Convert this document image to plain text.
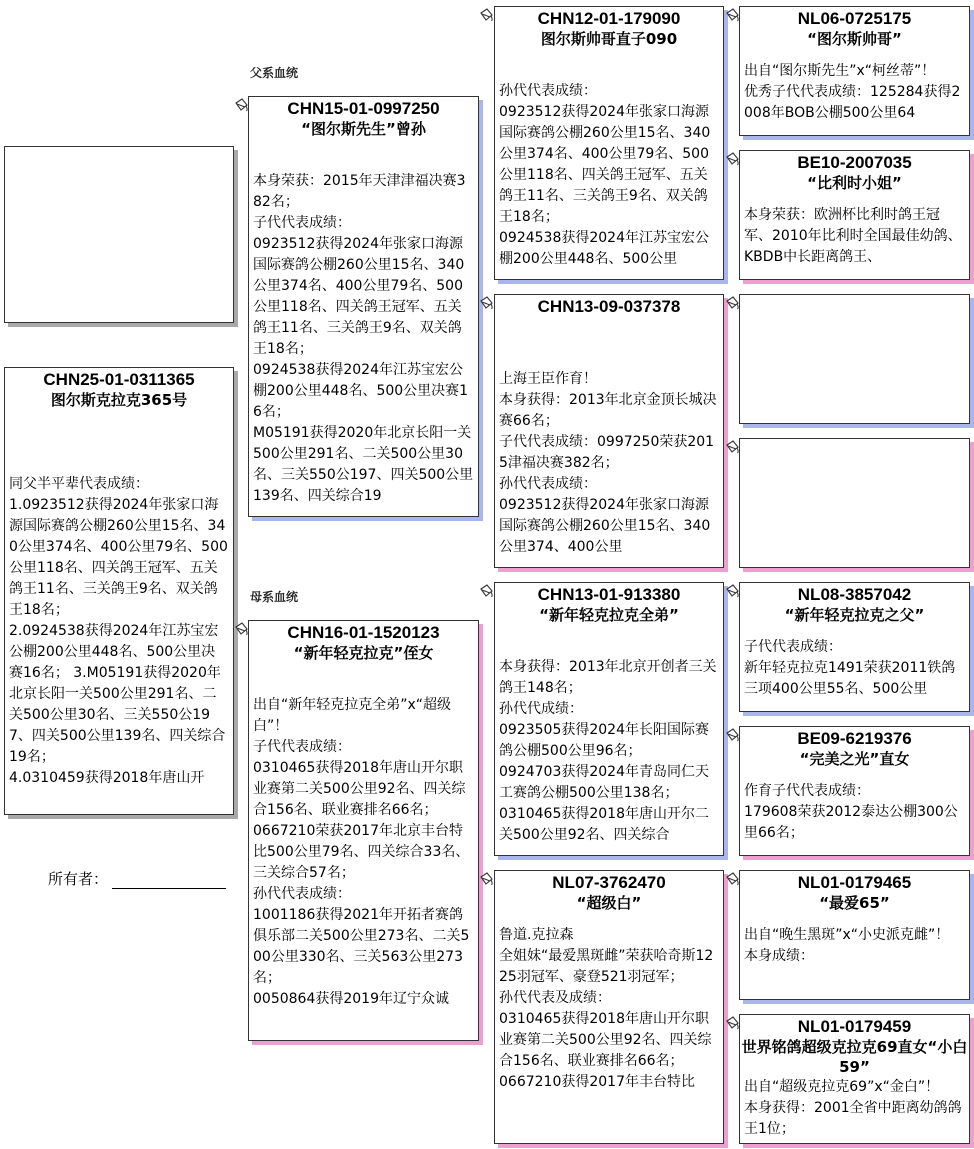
CHN25-01-0311365
图尔斯克拉克365号
同父半平辈代表成绩：
1.0923512获得2024年张家口海源国际赛鸽公棚260公里15名、340公里374名、400公里79名、500公里118名、四关鸽王冠军、五关鸽王11名、三关鸽王9名、双关鸽王18名；
2.0924538获得2024年江苏宝宏公棚200公里448名、500公里决赛16名； 3.M05191获得2020年北京长阳一关500公里291名、二关500公里30名、三关550公197、四关500公里139名、四关综合19名；
4.0310459获得2018年唐山开
所有者：
父系血统
母系血统
CHN15-01-0997250
“图尔斯先生”曾孙
本身荣获：2015年天津津福决赛382名；
子代代表成绩：
0923512获得2024年张家口海源国际赛鸽公棚260公里15名、340公里374名、400公里79名、500公里118名、四关鸽王冠军、五关鸽王11名、三关鸽王9名、双关鸽王18名；
0924538获得2024年江苏宝宏公棚200公里448名、500公里决赛16名；
M05191获得2020年北京长阳一关500公里291名、二关500公里30名、三关550公197、四关500公里139名、四关综合19
CHN16-01-1520123
“新年轻克拉克”侄女
出自“新年轻克拉克全弟”x“超级白”！
子代代表成绩：
0310465获得2018年唐山开尔职业赛第二关500公里92名、四关综合156名、联业赛排名66名；
0667210荣获2017年北京丰台特比500公里79名、四关综合33名、三关综合57名；
孙代代表成绩：
1001186获得2021年开拓者赛鸽俱乐部二关500公里273名、二关500公里330名、三关563公里273名；
0050864获得2019年辽宁众诚
CHN12-01-179090
图尔斯帅哥直子090
孙代代表成绩：
0923512获得2024年张家口海源国际赛鸽公棚260公里15名、340公里374名、400公里79名、500公里118名、四关鸽王冠军、五关鸽王11名、三关鸽王9名、双关鸽王18名；
0924538获得2024年江苏宝宏公棚200公里448名、500公里
CHN13-09-037378
上海王臣作育！
本身获得：2013年北京金顶长城决赛66名；
子代代表成绩：0997250荣获2015津福决赛382名；
孙代代表成绩：
0923512获得2024年张家口海源国际赛鸽公棚260公里15名、340公里374、400公里
CHN13-01-913380
“新年轻克拉克全弟”
本身获得：2013年北京开创者三关鸽王148名；
孙代代成绩：
0923505获得2024年长阳国际赛鸽公棚500公里96名；
0924703获得2024年青岛同仁天工赛鸽公棚500公里138名；
0310465获得2018年唐山开尔二关500公里92名、四关综合
NL07-3762470
“超级白”
鲁道.克拉森
全姐妹“最爱黑斑雌”荣获哈奇斯1225羽冠军、豪登521羽冠军；
孙代代表及成绩：
0310465获得2018年唐山开尔职业赛第二关500公里92名、四关综合156名、联业赛排名66名；
0667210获得2017年丰台特比
NL06-0725175
“图尔斯帅哥”
出自“图尔斯先生”x“柯丝蒂”！
优秀子代代表成绩：125284获得2008年BOB公棚500公里64
BE10-2007035
“比利时小姐”
本身荣获：欧洲杯比利时鸽王冠军、2010年比利时全国最佳幼鸽、KBDB中长距离鸽王、
NL08-3857042
“新年轻克拉克之父”
子代代表成绩：
新年轻克拉克1491荣获2011铁鸽三项400公里55名、500公里
BE09-6219376
“完美之光”直女
作育子代代表成绩：
179608荣获2012泰达公棚300公里66名；
NL01-0179465
“最爱65”
出自“晚生黑斑”x“小史派克雌”！
本身成绩：
NL01-0179459
世界铭鸽超级克拉克69直女“小白59”
出自“超级克拉克69”x“金白”！
本身获得：2001全省中距离幼鸽鸽王1位；
